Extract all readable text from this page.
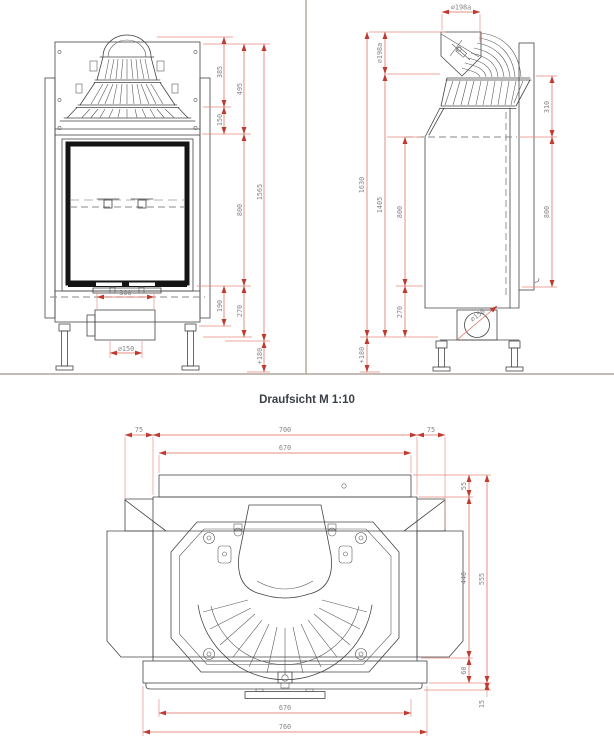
385
150
190
495
800
270
1565
+180
300
⌀150
⌀198a
1630
⌀198a
1405 800
270
+180
310
800
⌀150
Draufsicht M 1:10
75	700	75
670
55
440
60
555
15
670
760
